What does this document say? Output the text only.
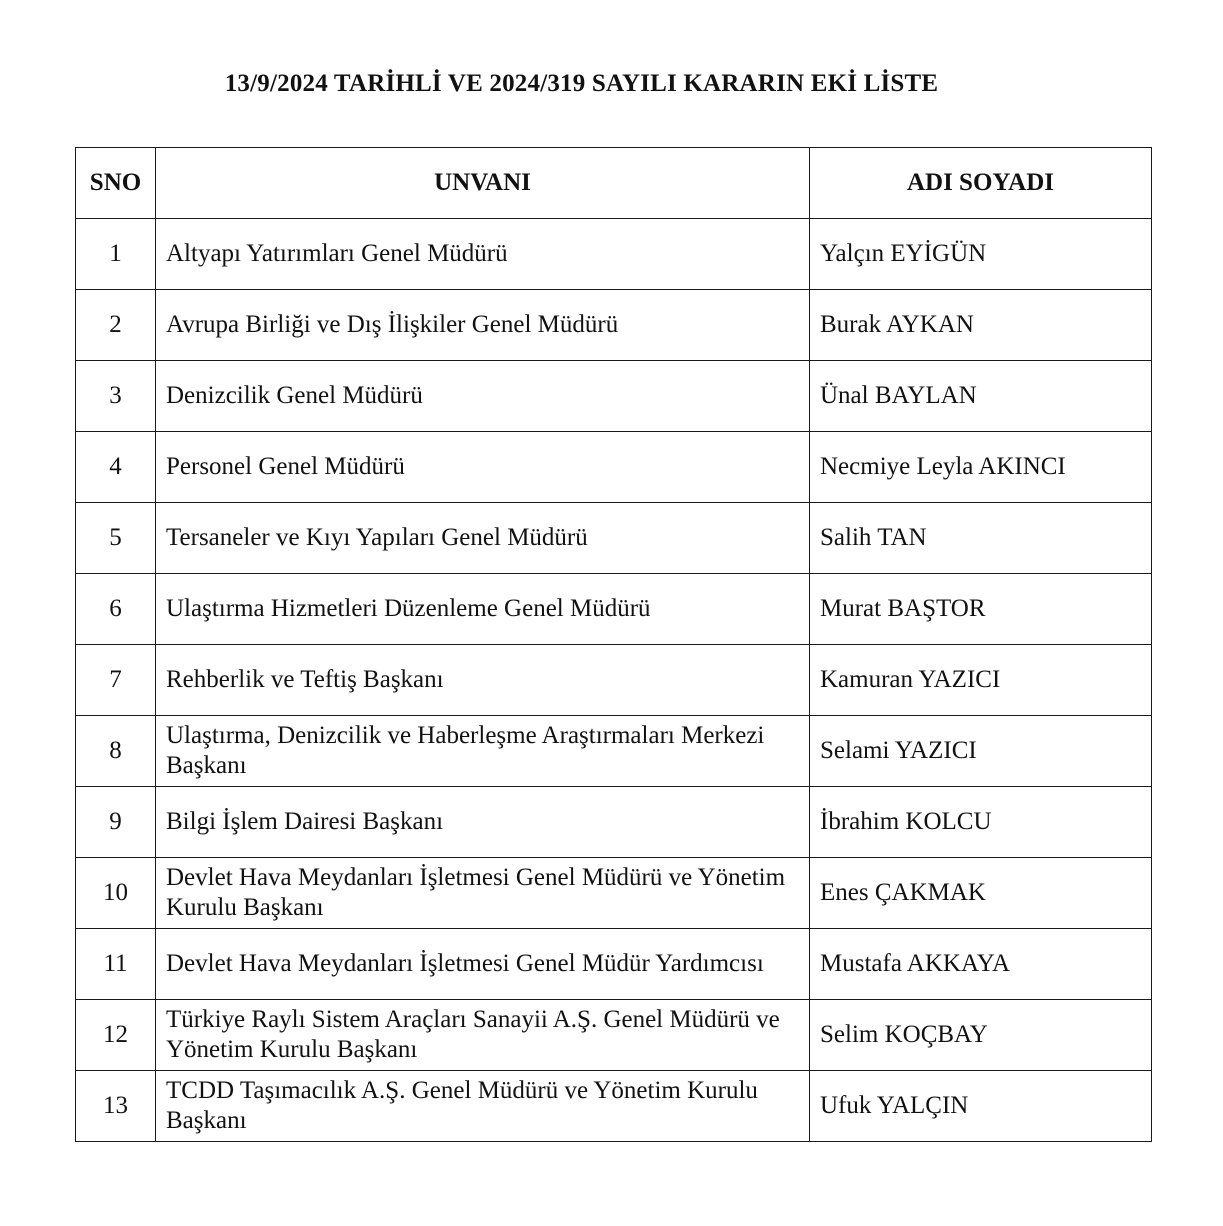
13/9/2024 TARİHLİ VE 2024/319 SAYILI KARARIN EKİ LİSTE
SNO	UNVANI	ADI SOYADI
1	Altyapı Yatırımları Genel Müdürü	Yalçın EYİGÜN
2	Avrupa Birliği ve Dış İlişkiler Genel Müdürü	Burak AYKAN
3	Denizcilik Genel Müdürü	Ünal BAYLAN
4	Personel Genel Müdürü	Necmiye Leyla AKINCI
5	Tersaneler ve Kıyı Yapıları Genel Müdürü	Salih TAN
6	Ulaştırma Hizmetleri Düzenleme Genel Müdürü	Murat BAŞTOR
7	Rehberlik ve Teftiş Başkanı	Kamuran YAZICI
8	Ulaştırma, Denizcilik ve Haberleşme Araştırmaları Merkezi Başkanı	Selami YAZICI
9	Bilgi İşlem Dairesi Başkanı	İbrahim KOLCU
10	Devlet Hava Meydanları İşletmesi Genel Müdürü ve Yönetim Kurulu Başkanı	Enes ÇAKMAK
11	Devlet Hava Meydanları İşletmesi Genel Müdür Yardımcısı	Mustafa AKKAYA
12	Türkiye Raylı Sistem Araçları Sanayii A.Ş. Genel Müdürü ve Yönetim Kurulu Başkanı	Selim KOÇBAY
13	TCDD Taşımacılık A.Ş. Genel Müdürü ve Yönetim Kurulu Başkanı	Ufuk YALÇIN
